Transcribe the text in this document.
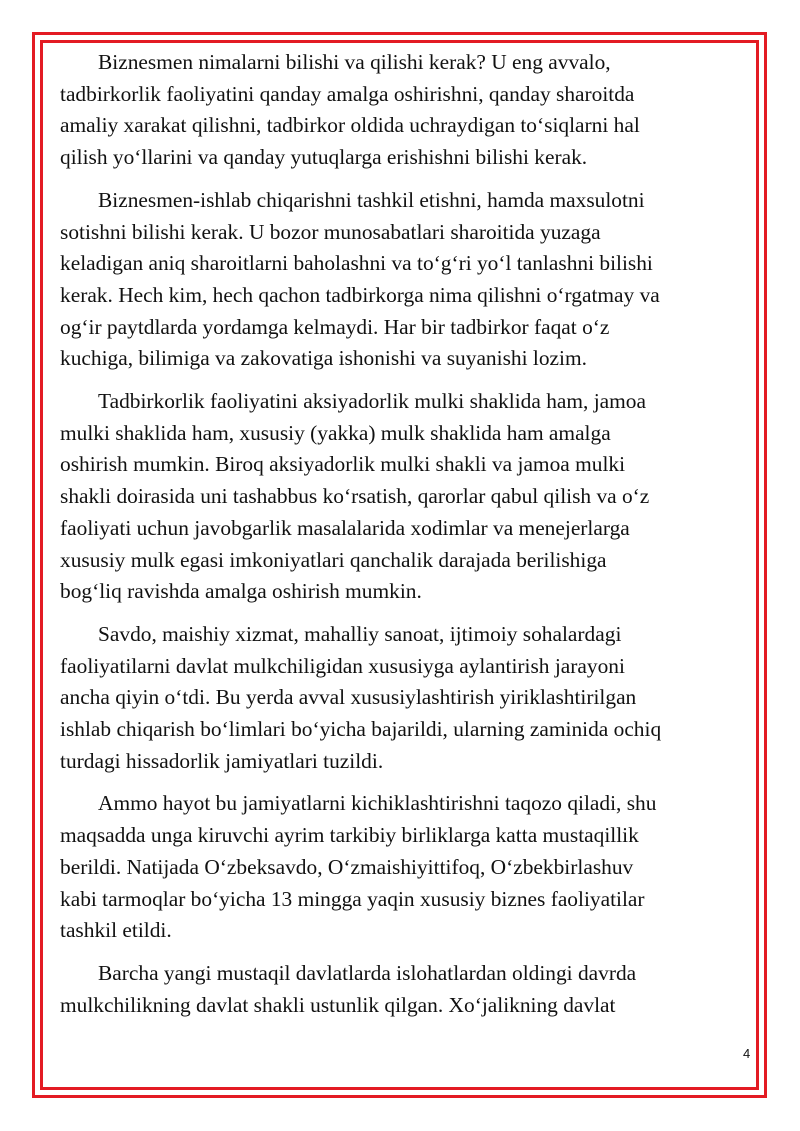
Biznesmen nimalarni bilishi va qilishi kerak? U eng avvalo,
tadbirkorlik faoliyatini qanday amalga oshirishni, qanday sharoitda
amaliy xarakat qilishni, tadbirkor oldida uchraydigan to‘siqlarni hal
qilish yo‘llarini va qanday yutuqlarga erishishni bilishi kerak.

Biznesmen-ishlab chiqarishni tashkil etishni, hamda maxsulotni
sotishni bilishi kerak. U bozor munosabatlari sharoitida yuzaga
keladigan aniq sharoitlarni baholashni va to‘g‘ri yo‘l tanlashni bilishi
kerak. Hech kim, hech qachon tadbirkorga nima qilishni o‘rgatmay va
og‘ir paytdlarda yordamga kelmaydi. Har bir tadbirkor faqat o‘z
kuchiga, bilimiga va zakovatiga ishonishi va suyanishi lozim.

Tadbirkorlik faoliyatini aksiyadorlik mulki shaklida ham, jamoa
mulki shaklida ham, xususiy (yakka) mulk shaklida ham amalga
oshirish mumkin. Biroq aksiyadorlik mulki shakli va jamoa mulki
shakli doirasida uni tashabbus ko‘rsatish, qarorlar qabul qilish va o‘z
faoliyati uchun javobgarlik masalalarida xodimlar va menejerlarga
xususiy mulk egasi imkoniyatlari qanchalik darajada berilishiga
bog‘liq ravishda amalga oshirish mumkin.

Savdo, maishiy xizmat, mahalliy sanoat, ijtimoiy sohalardagi
faoliyatilarni davlat mulkchiligidan xususiyga aylantirish jarayoni
ancha qiyin o‘tdi. Bu yerda avval xususiylashtirish yiriklashtirilgan
ishlab chiqarish bo‘limlari bo‘yicha bajarildi, ularning zaminida ochiq
turdagi hissadorlik jamiyatlari tuzildi.

Ammo hayot bu jamiyatlarni kichiklashtirishni taqozo qiladi, shu
maqsadda unga kiruvchi ayrim tarkibiy birliklarga katta mustaqillik
berildi. Natijada O‘zbeksavdo, O‘zmaishiyittifoq, O‘zbekbirlashuv
kabi tarmoqlar bo‘yicha 13 mingga yaqin xususiy biznes faoliyatilar
tashkil etildi.

Barcha yangi mustaqil davlatlarda islohatlardan oldingi davrda
mulkchilikning davlat shakli ustunlik qilgan. Xo‘jalikning davlat

4
